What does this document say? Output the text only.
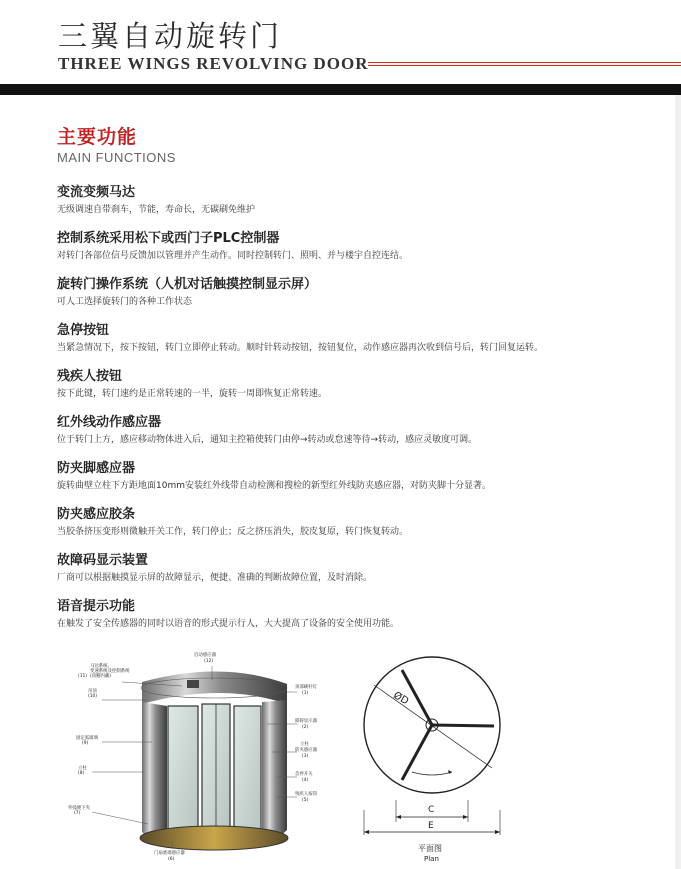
三翼自动旋转门
THREE WINGS REVOLVING DOOR
主要功能
MAIN FUNCTIONS
变流变频马达

无级调速自带刹车，节能，寿命长，无碳刷免维护

控制系统采用松下或西门子PLC控制器

对转门各部位信号反馈加以管理并产生动作。同时控制转门、照明、并与楼宇自控连结。

旋转门操作系统（人机对话触摸控制显示屏）

可人工选择旋转门的各种工作状态

急停按钮

当紧急情况下，按下按钮，转门立即停止转动。顺时针转动按钮，按钮复位，动作感应器再次收到信号后，转门回复运转。

残疾人按钮

按下此键，转门速约是正常转速的一半，旋转一周即恢复正常转速。

红外线动作感应器

位于转门上方，感应移动物体进入后，通知主控箱使转门由停→转动或怠速等待→转动，感应灵敏度可调。

防夹脚感应器

旋转曲壁立柱下方距地面10mm安装红外线带自动检测和搜检的新型红外线防夹感应器，对防夹脚十分显著。

防夹感应胶条

当胶条挤压变形则微触开关工作，转门停止；反之挤压消失，胶皮复原，转门恢复转动。

故障码显示装置

厂商可以根据触摸显示屏的故障显示，便捷、准确的判断故障位置，及时消除。

语音提示功能

在触发了安全传感器的同时以语音的形式提示行人，大大提高了设备的安全使用功能。

马达系统、
变速系统及控制系统
(11) (顶棚内藏)
吊顶
(10)
固定弧玻璃
(9)
立柱
(8)
外弧便下夹
(7)
启动感应器
(12)
顶部刷杆灯
(1)
障碍显示器
(2)
立柱
防夹感应器
(3)
急停开关
(4)
残疾人按钮
(5)
门扇底端感应器
(6)
ØD
C
E
平面图
Plan
